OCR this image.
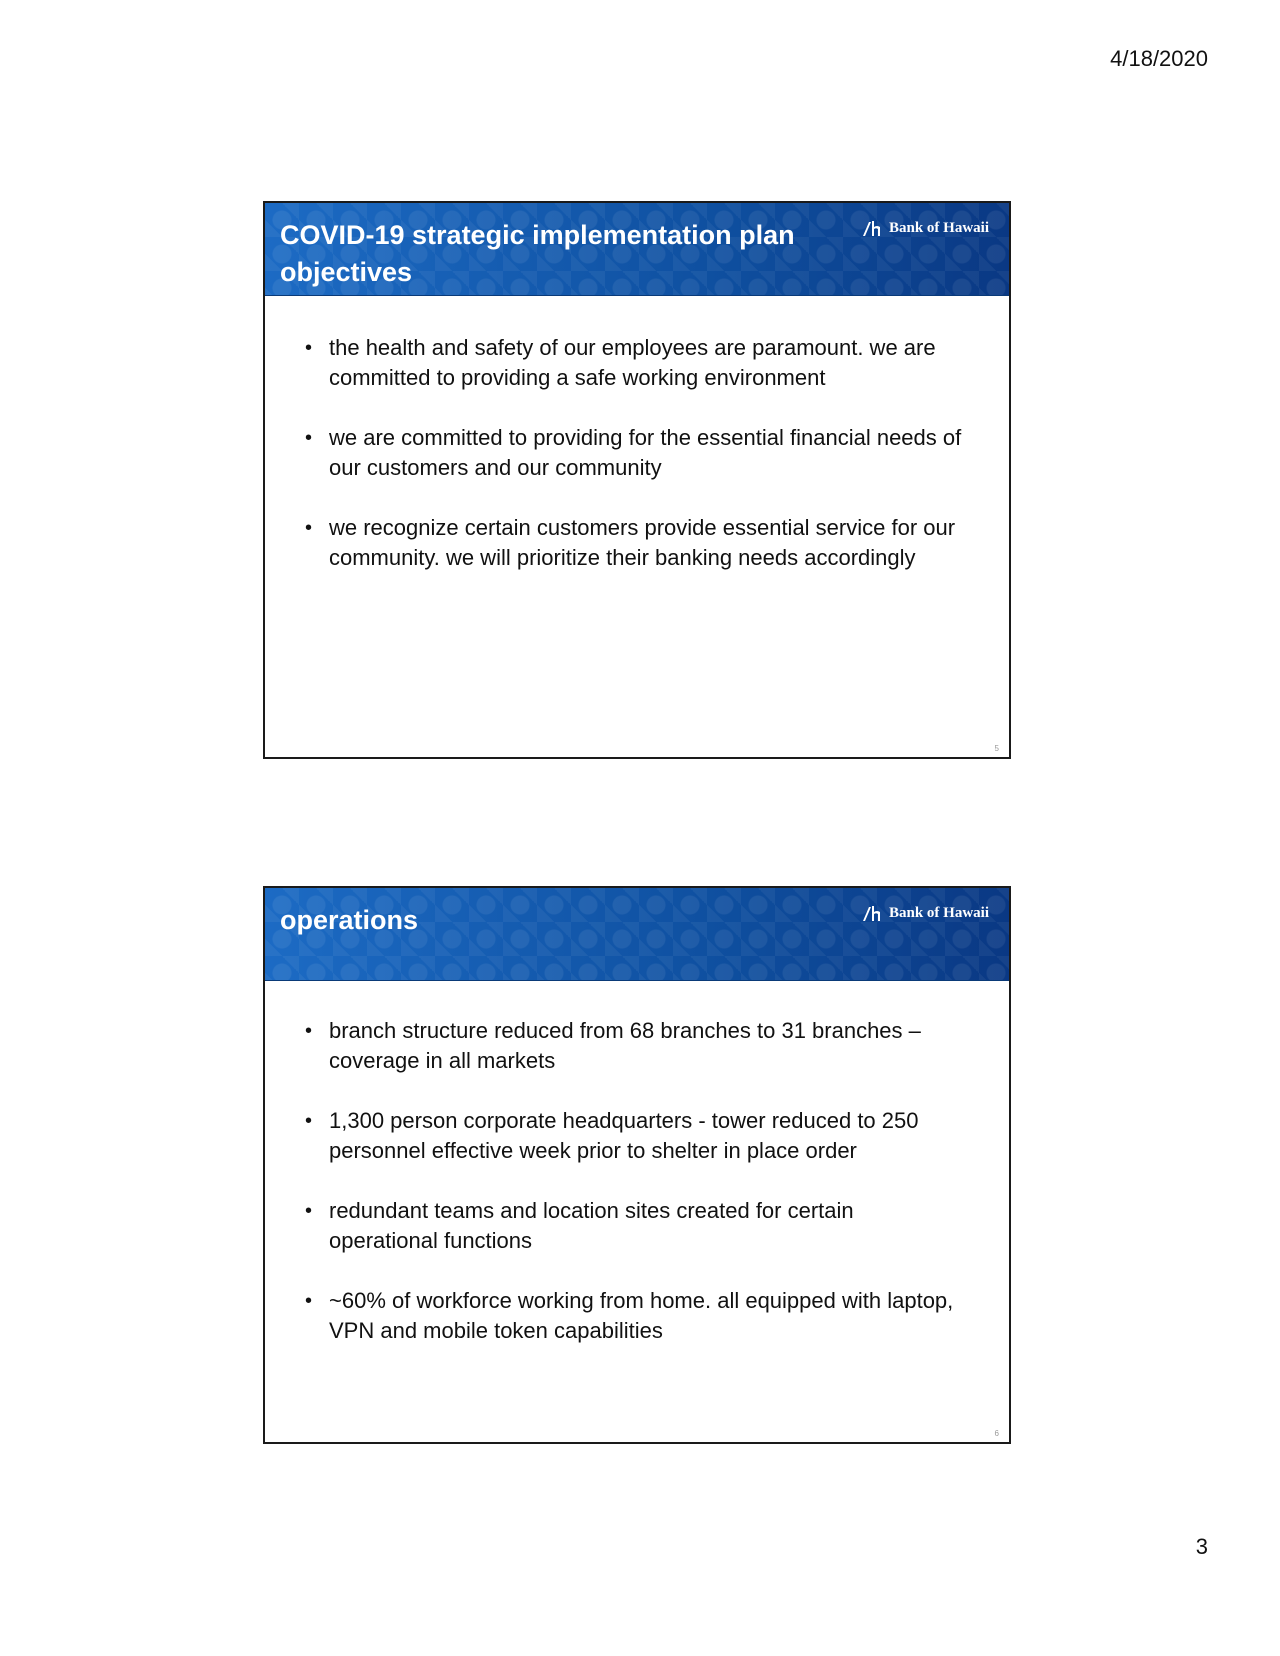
4/18/2020
COVID-19 strategic implementation plan objectives
Bank of Hawaii
• the health and safety of our employees are paramount. we are committed to providing a safe working environment
• we are committed to providing for the essential financial needs of our customers and our community
• we recognize certain customers provide essential service for our community. we will prioritize their banking needs accordingly
5
operations	Bank of Hawaii
• branch structure reduced from 68 branches to 31 branches – coverage in all markets
• 1,300 person corporate headquarters - tower reduced to 250 personnel effective week prior to shelter in place order
• redundant teams and location sites created for certain operational functions
• ~60% of workforce working from home. all equipped with laptop, VPN and mobile token capabilities
6
3
